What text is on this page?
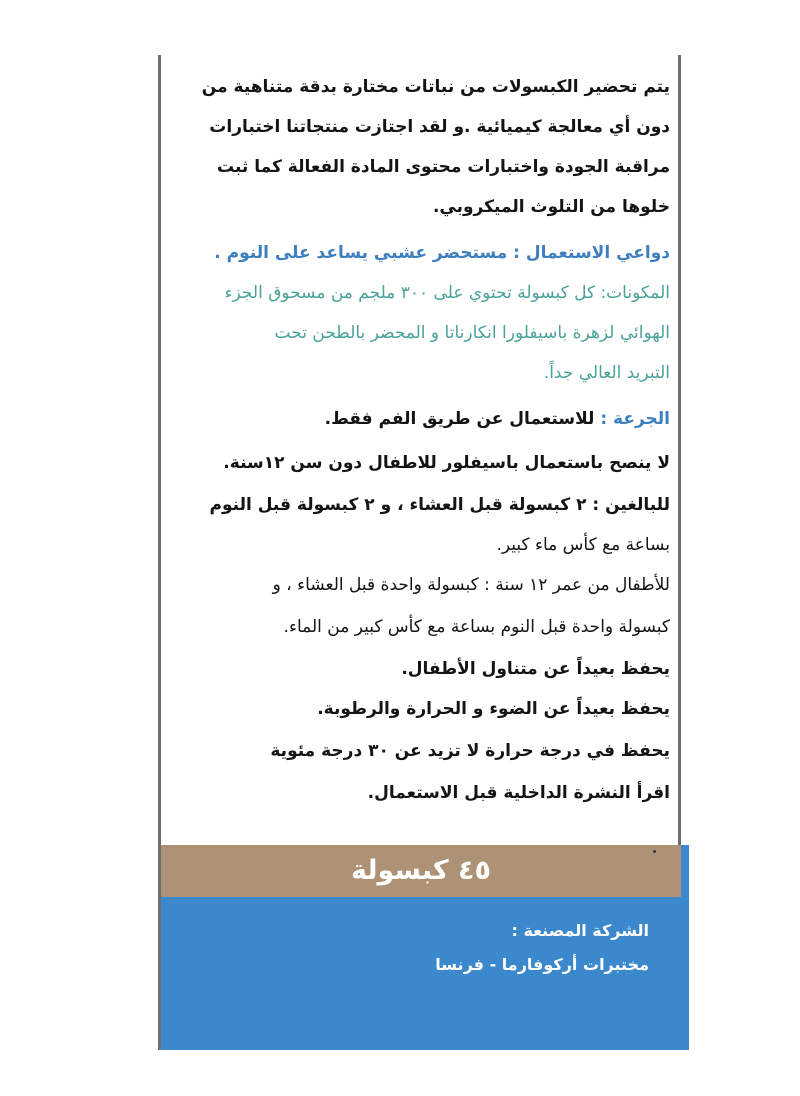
يتم تحضير الكبسولات من نباتات مختارة بدقة متناهية من
دون أي معالجة كيميائية .و لقد اجتازت منتجاتنا اختبارات
مراقبة الجودة واختبارات محتوى المادة الفعالة كما ثبت
خلوها من التلوث الميكروبي.
دواعي الاستعمال : مستحضر عشبي يساعد على النوم .
المكونات: كل كبسولة تحتوي على ٣٠٠ ملجم من مسحوق الجزء
الهوائي لزهرة باسيفلورا انكارناتا و المحضر بالطحن تحت
التبريد العالي جداً.
الجرعة : للاستعمال عن طريق الفم فقط.
لا ينصح باستعمال باسيفلور للاطفال دون سن ١٢سنة.
للبالغين : ٢ كبسولة قبل العشاء ، و ٢ كبسولة قبل النوم
بساعة مع كأس ماء كبير.
للأطفال من عمر ١٢ سنة : كبسولة واحدة قبل العشاء ، و
كبسولة واحدة قبل النوم بساعة مع كأس كبير من الماء.
يحفظ بعيداً عن متناول الأطفال.
يحفظ بعيداً عن الضوء و الحرارة والرطوبة.
يحفظ في درجة حرارة لا تزيد عن ٣٠ درجة مئوية
اقرأ النشرة الداخلية قبل الاستعمال.
٤٥ كبسولة
الشركة المصنعة :
مختبرات أركوفارما - فرنسا
